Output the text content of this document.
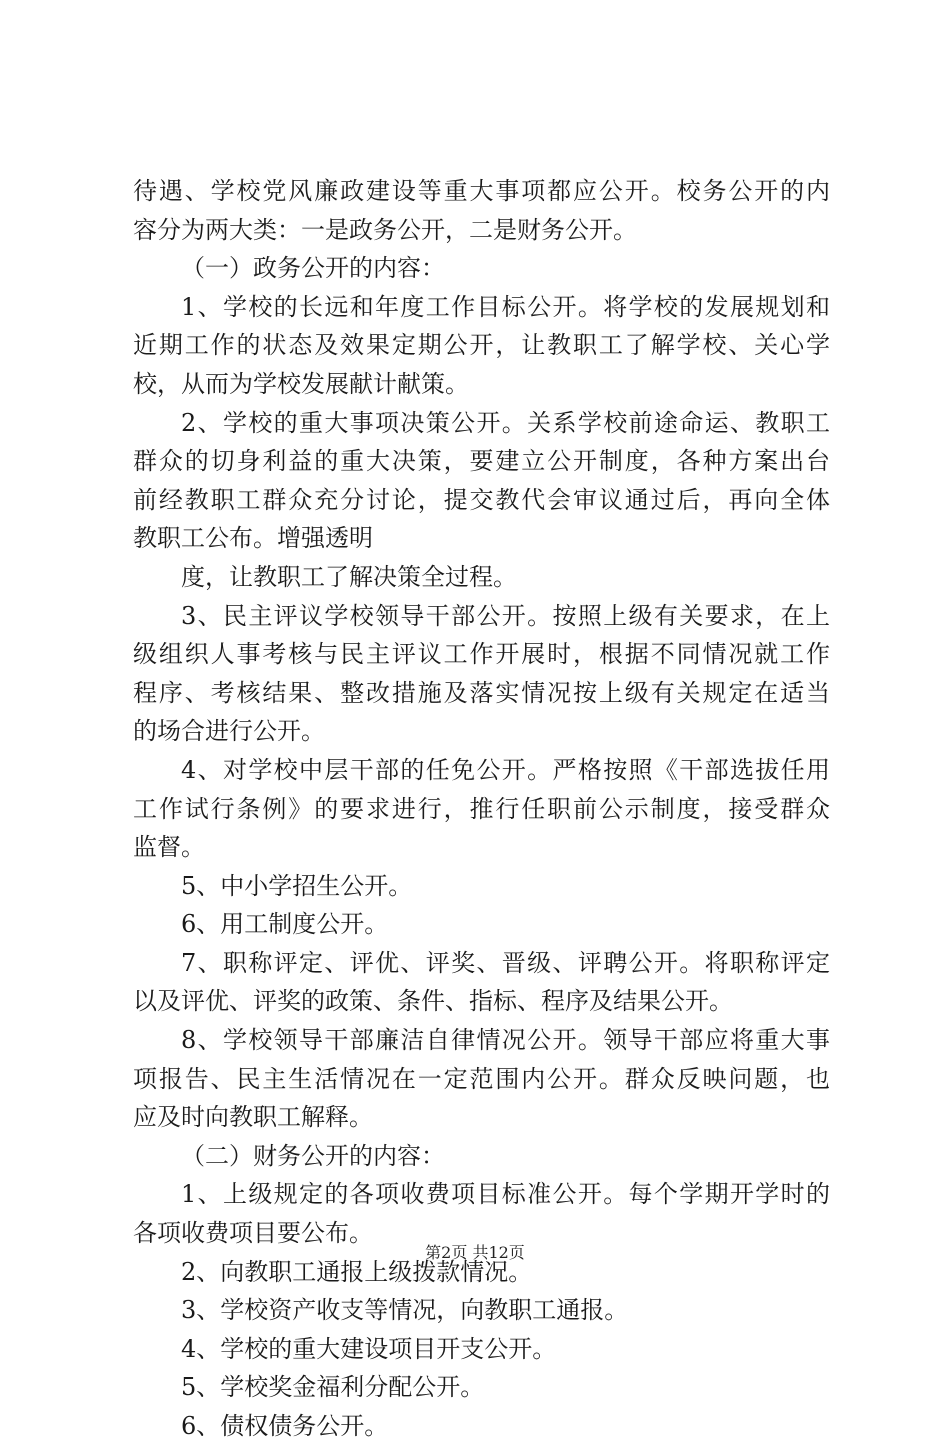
待遇、学校党风廉政建设等重大事项都应公开。校务公开的内
容分为两大类：一是政务公开，二是财务公开。
（一）政务公开的内容：
1、学校的长远和年度工作目标公开。将学校的发展规划和
近期工作的状态及效果定期公开，让教职工了解学校、关心学
校，从而为学校发展献计献策。
2、学校的重大事项决策公开。关系学校前途命运、教职工
群众的切身利益的重大决策，要建立公开制度，各种方案出台
前经教职工群众充分讨论，提交教代会审议通过后，再向全体
教职工公布。增强透明
度，让教职工了解决策全过程。
3、民主评议学校领导干部公开。按照上级有关要求，在上
级组织人事考核与民主评议工作开展时，根据不同情况就工作
程序、考核结果、整改措施及落实情况按上级有关规定在适当
的场合进行公开。
4、对学校中层干部的任免公开。严格按照《干部选拔任用
工作试行条例》的要求进行，推行任职前公示制度，接受群众
监督。
5、中小学招生公开。
6、用工制度公开。
7、职称评定、评优、评奖、晋级、评聘公开。将职称评定
以及评优、评奖的政策、条件、指标、程序及结果公开。
8、学校领导干部廉洁自律情况公开。领导干部应将重大事
项报告、民主生活情况在一定范围内公开。群众反映问题，也
应及时向教职工解释。
（二）财务公开的内容：
1、上级规定的各项收费项目标准公开。每个学期开学时的
各项收费项目要公布。
2、向教职工通报上级拨款情况。
3、学校资产收支等情况，向教职工通报。
4、学校的重大建设项目开支公开。
5、学校奖金福利分配公开。
6、债权债务公开。
第2页 共12页
